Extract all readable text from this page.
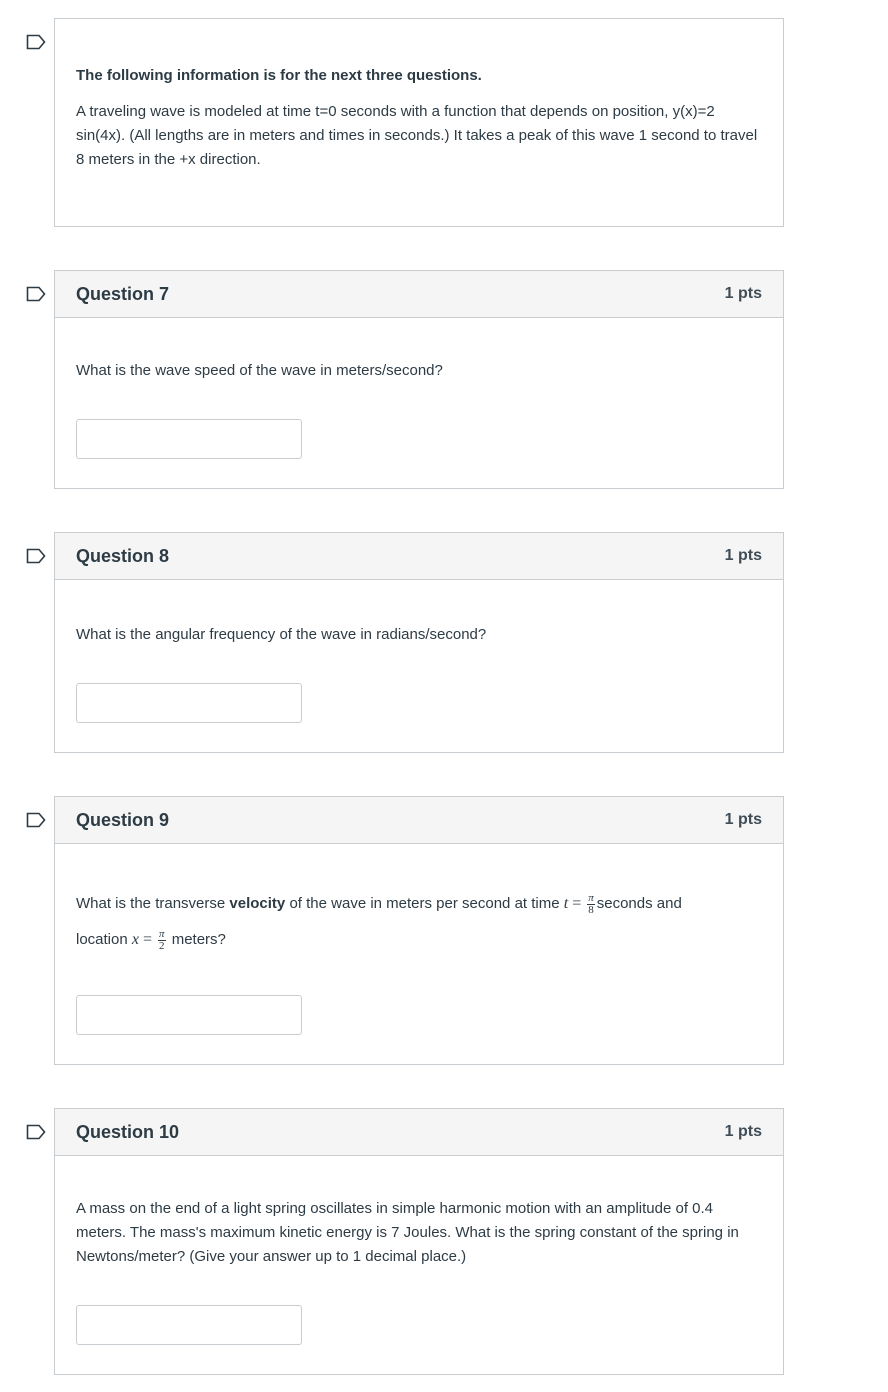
The following information is for the next three questions.

A traveling wave is modeled at time t=0 seconds with a function that depends on position, y(x)=2 sin(4x). (All lengths are in meters and times in seconds.) It takes a peak of this wave 1 second to travel 8 meters in the +x direction.

Question 7	1 pts

What is the wave speed of the wave in meters/second?

Question 8	1 pts

What is the angular frequency of the wave in radians/second?

Question 9	1 pts

What is the transverse velocity of the wave in meters per second at time $t = \frac{\pi}{8}$ seconds and
location $x = \frac{\pi}{2}$ meters?

Question 10	1 pts

A mass on the end of a light spring oscillates in simple harmonic motion with an amplitude of 0.4 meters. The mass's maximum kinetic energy is 7 Joules. What is the spring constant of the spring in Newtons/meter? (Give your answer up to 1 decimal place.)
